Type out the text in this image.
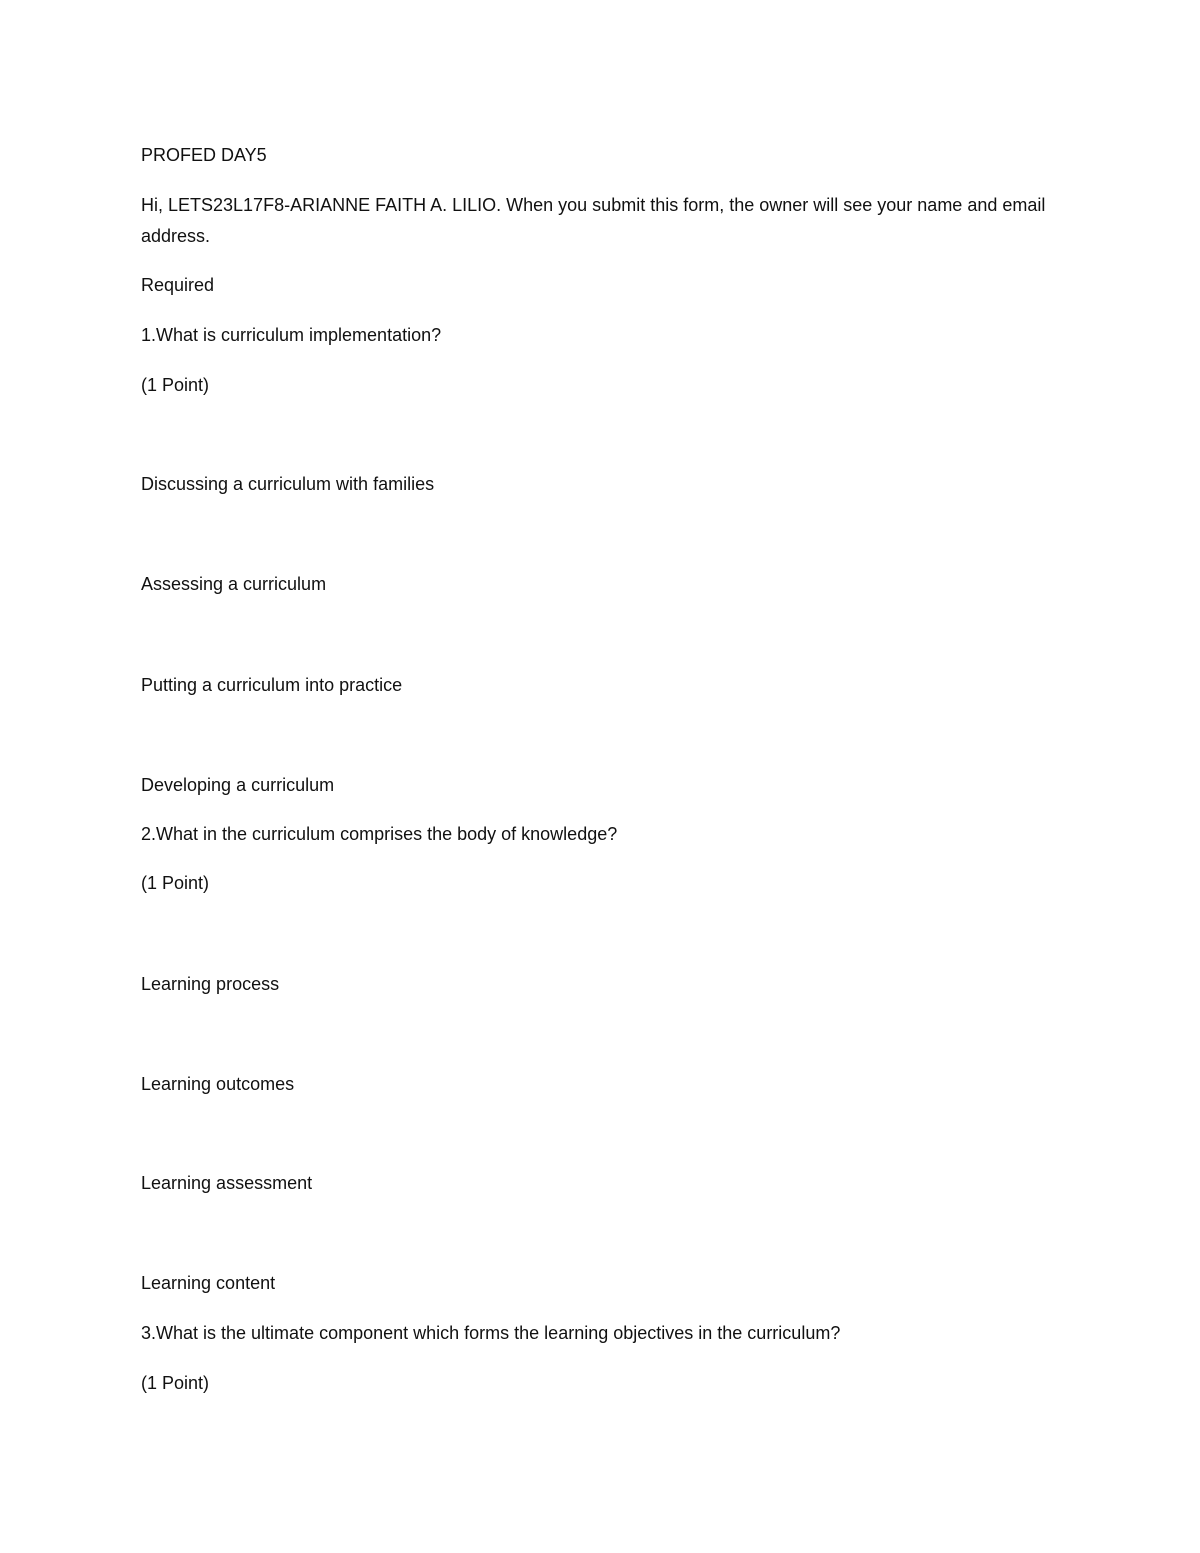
PROFED DAY5
Hi, LETS23L17F8-ARIANNE FAITH A. LILIO. When you submit this form, the owner will see your name and email address.
Required
1.What is curriculum implementation?
(1 Point)
Discussing a curriculum with families
Assessing a curriculum
Putting a curriculum into practice
Developing a curriculum
2.What in the curriculum comprises the body of knowledge?
(1 Point)
Learning process
Learning outcomes
Learning assessment
Learning content
3.What is the ultimate component which forms the learning objectives in the curriculum?
(1 Point)
